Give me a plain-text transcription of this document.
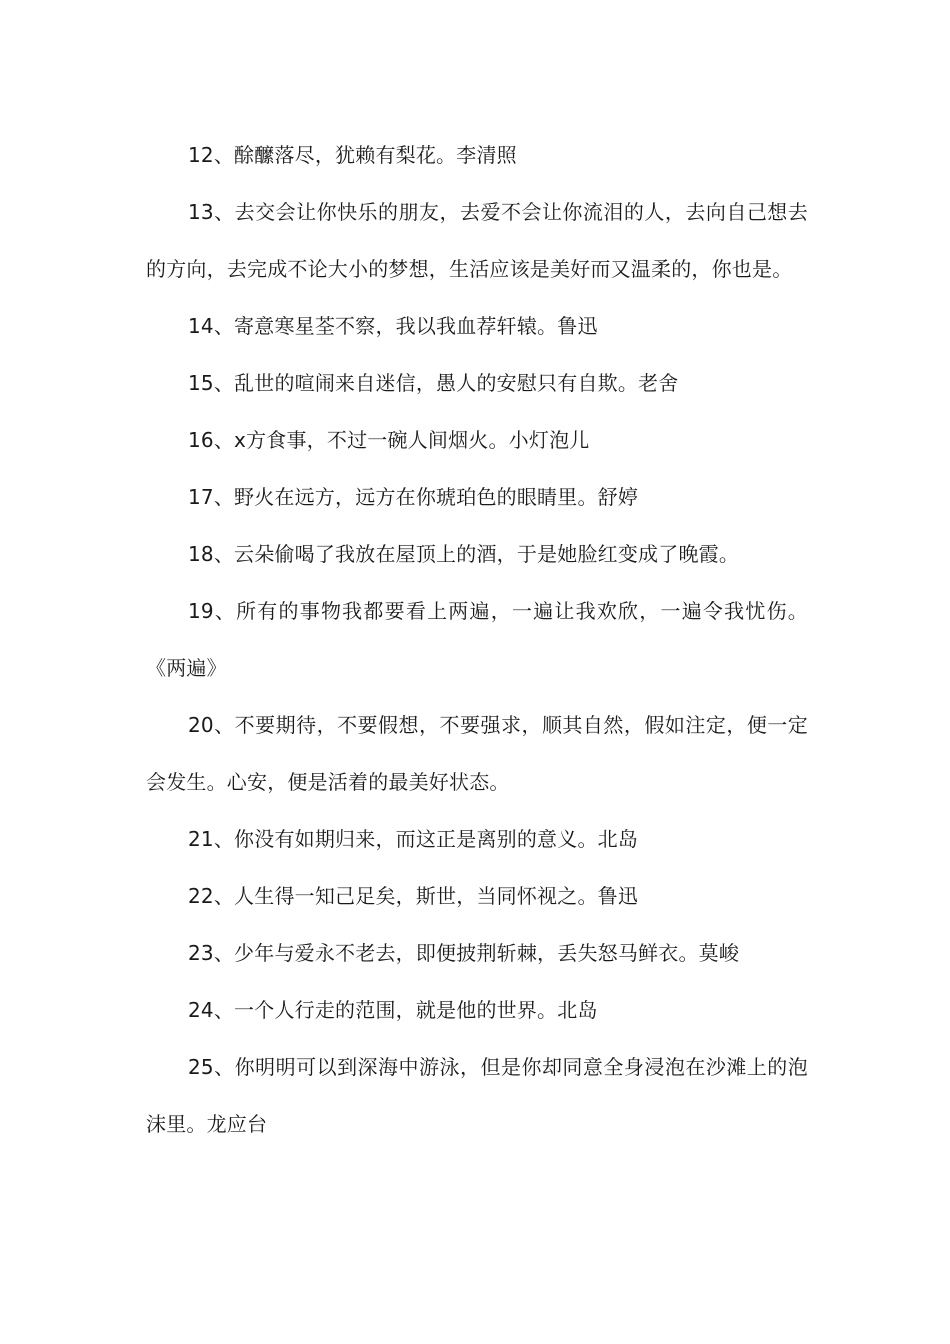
12、酴醿落尽，犹赖有梨花。李清照

13、去交会让你快乐的朋友，去爱不会让你流泪的人，去向自己想去的方向，去完成不论大小的梦想，生活应该是美好而又温柔的，你也是。

14、寄意寒星荃不察，我以我血荐轩辕。鲁迅

15、乱世的喧闹来自迷信，愚人的安慰只有自欺。老舍

16、x方食事，不过一碗人间烟火。小灯泡儿

17、野火在远方，远方在你琥珀色的眼睛里。舒婷

18、云朵偷喝了我放在屋顶上的酒，于是她脸红变成了晚霞。

19、所有的事物我都要看上两遍，一遍让我欢欣，一遍令我忧伤。《两遍》

20、不要期待，不要假想，不要强求，顺其自然，假如注定，便一定会发生。心安，便是活着的最美好状态。

21、你没有如期归来，而这正是离别的意义。北岛

22、人生得一知己足矣，斯世，当同怀视之。鲁迅

23、少年与爱永不老去，即便披荆斩棘，丢失怒马鲜衣。莫峻

24、一个人行走的范围，就是他的世界。北岛

25、你明明可以到深海中游泳，但是你却同意全身浸泡在沙滩上的泡沫里。龙应台
